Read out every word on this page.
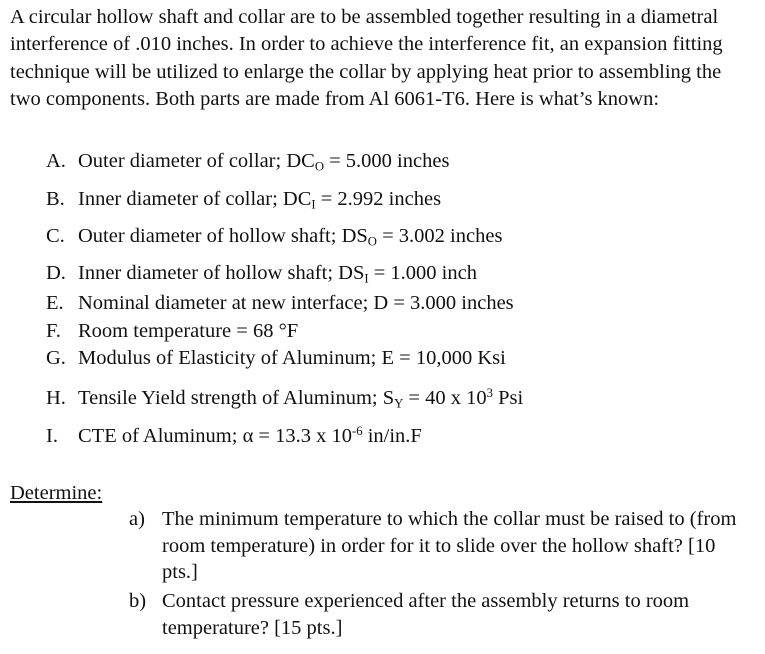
A circular hollow shaft and collar are to be assembled together resulting in a diametral interference of .010 inches. In order to achieve the interference fit, an expansion fitting technique will be utilized to enlarge the collar by applying heat prior to assembling the two components. Both parts are made from Al 6061-T6. Here is what’s known:
A. Outer diameter of collar; $DC_O = 5.000$ inches
B. Inner diameter of collar; $DC_I = 2.992$ inches
C. Outer diameter of hollow shaft; $DS_O = 3.002$ inches
D. Inner diameter of hollow shaft; $DS_I = 1.000$ inch
E. Nominal diameter at new interface; D = 3.000 inches
F. Room temperature = 68 °F
G. Modulus of Elasticity of Aluminum; E = 10,000 Ksi
H. Tensile Yield strength of Aluminum; $S_Y = 40$ x $10^3$ Psi
I. CTE of Aluminum; α = 13.3 x $10^{-6}$ in/in.F
Determine:
a) The minimum temperature to which the collar must be raised to (from room temperature) in order for it to slide over the hollow shaft? [10 pts.]
b) Contact pressure experienced after the assembly returns to room temperature? [15 pts.]
